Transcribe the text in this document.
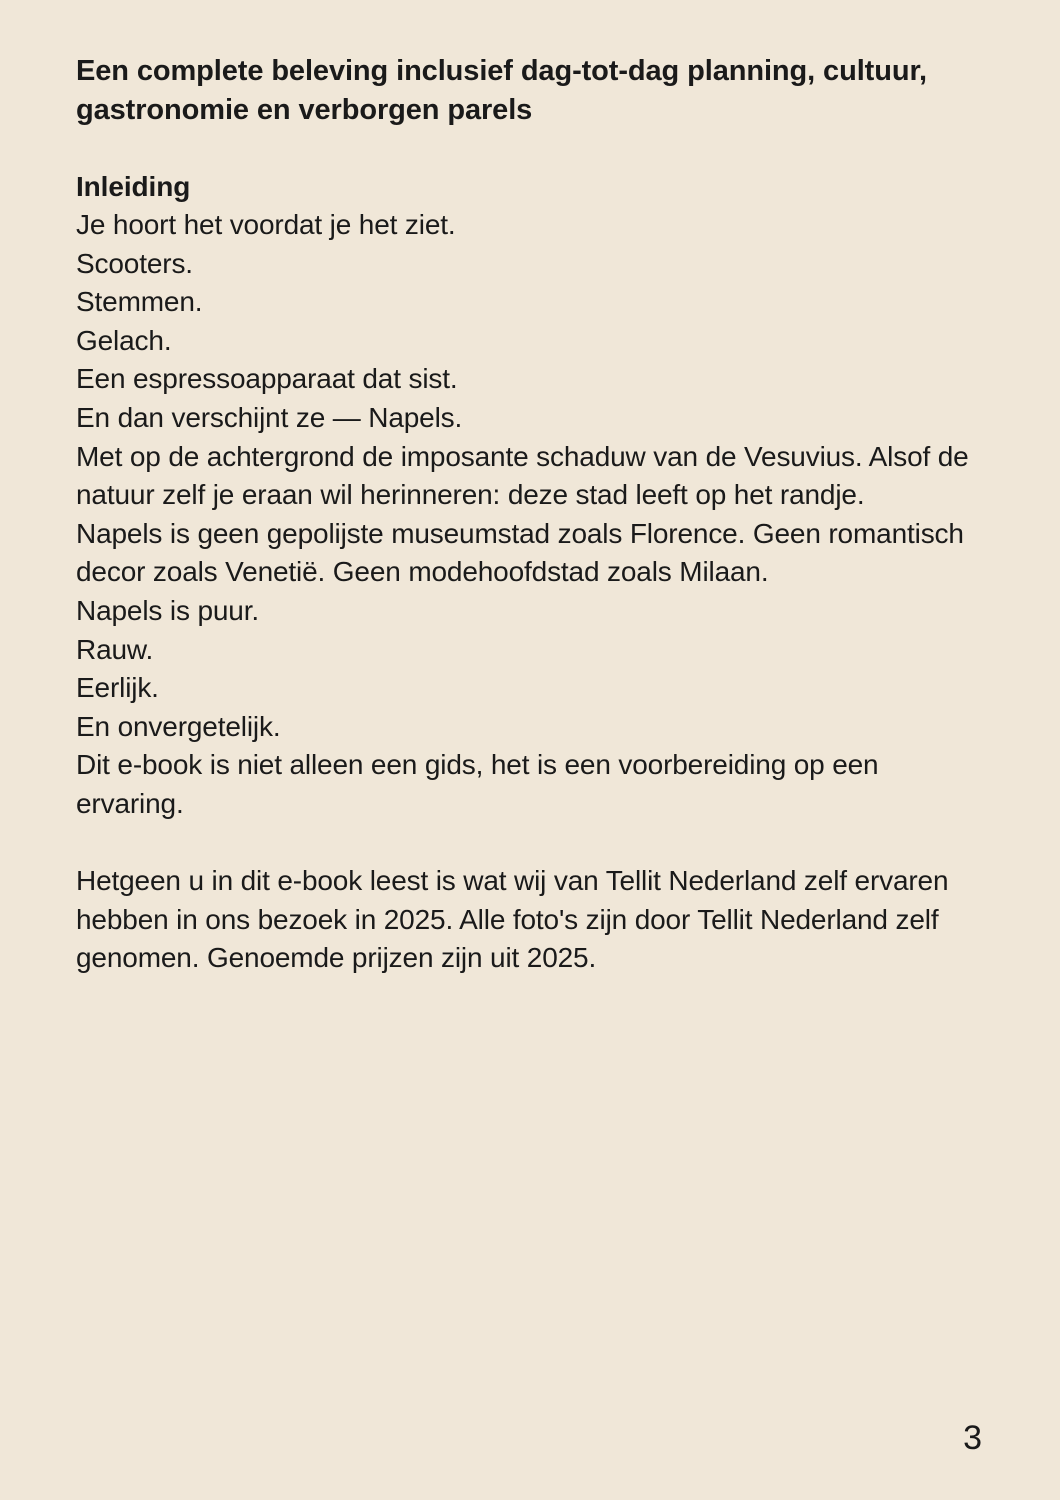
Een complete beleving inclusief dag-tot-dag planning, cultuur, gastronomie en verborgen parels
Inleiding

Je hoort het voordat je het ziet.

Scooters.

Stemmen.

Gelach.

Een espressoapparaat dat sist.

En dan verschijnt ze — Napels.

Met op de achtergrond de imposante schaduw van de Vesuvius. Alsof de natuur zelf je eraan wil herinneren: deze stad leeft op het randje.

Napels is geen gepolijste museumstad zoals Florence. Geen romantisch decor zoals Venetië. Geen modehoofdstad zoals Milaan.

Napels is puur.

Rauw.

Eerlijk.

En onvergetelijk.

Dit e-book is niet alleen een gids, het is een voorbereiding op een ervaring.

Hetgeen u in dit e-book leest is wat wij van Tellit Nederland zelf ervaren hebben in ons bezoek in 2025. Alle foto's zijn door Tellit Nederland zelf genomen. Genoemde prijzen zijn uit 2025.
3
